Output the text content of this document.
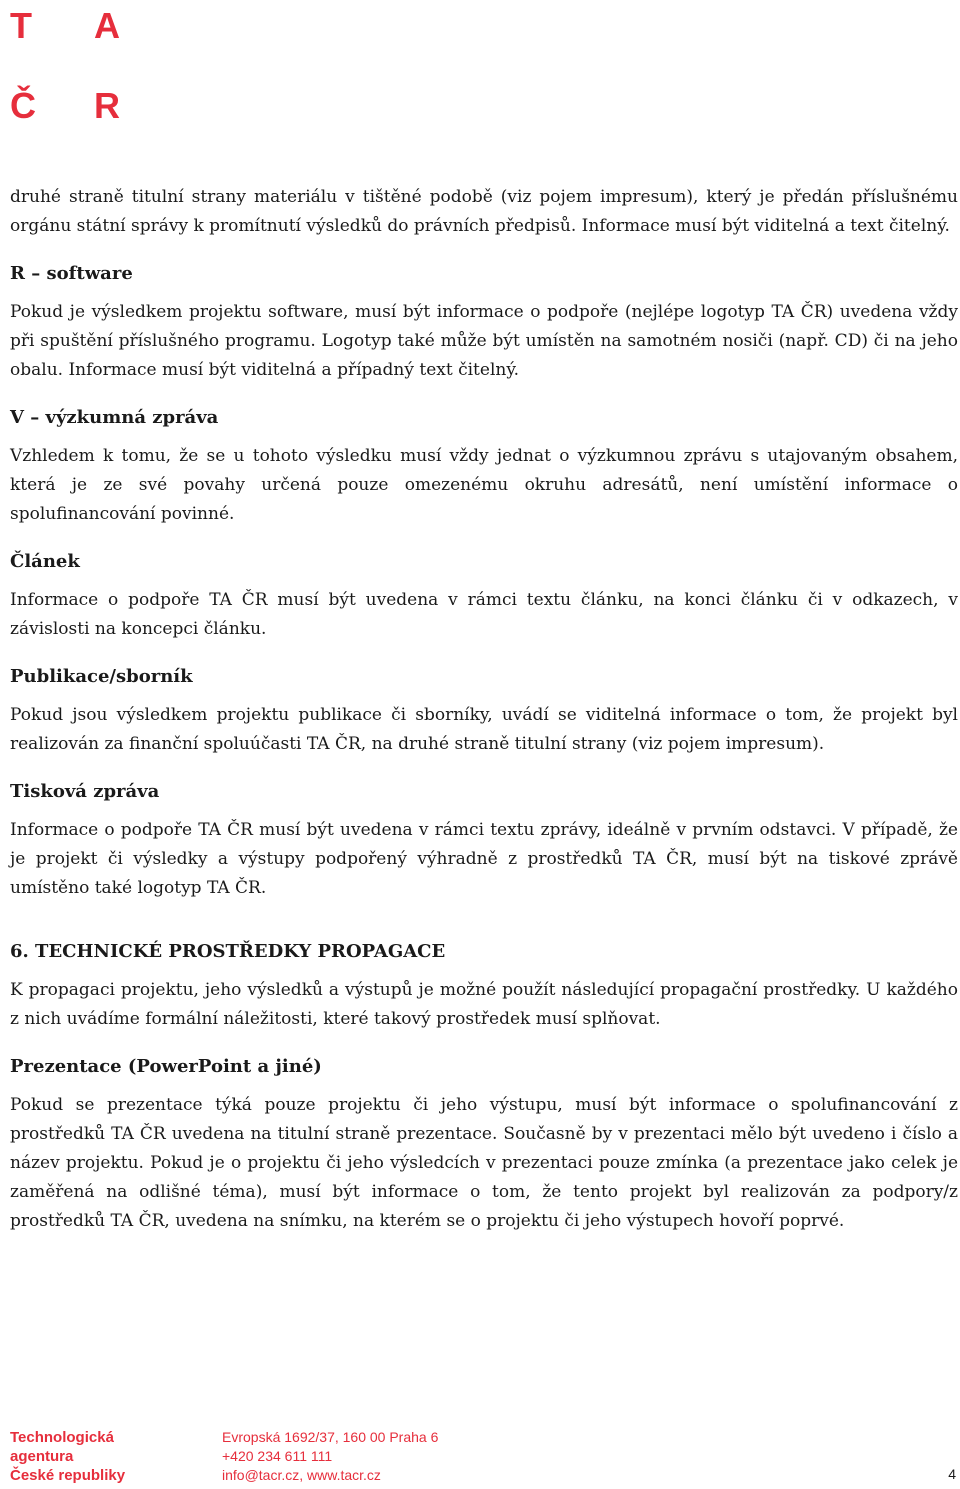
T A
Č R

druhé straně titulní strany materiálu v tištěné podobě (viz pojem impresum), který je předán příslušnému orgánu státní správy k promítnutí výsledků do právních předpisů. Informace musí být viditelná a text čitelný.

R – software

Pokud je výsledkem projektu software, musí být informace o podpoře (nejlépe logotyp TA ČR) uvedena vždy při spuštění příslušného programu. Logotyp také může být umístěn na samotném nosiči (např. CD) či na jeho obalu. Informace musí být viditelná a případný text čitelný.

V – výzkumná zpráva

Vzhledem k tomu, že se u tohoto výsledku musí vždy jednat o výzkumnou zprávu s utajovaným obsahem, která je ze své povahy určená pouze omezenému okruhu adresátů, není umístění informace o spolufinancování povinné.

Článek

Informace o podpoře TA ČR musí být uvedena v rámci textu článku, na konci článku či v odkazech, v závislosti na koncepci článku.

Publikace/sborník

Pokud jsou výsledkem projektu publikace či sborníky, uvádí se viditelná informace o tom, že projekt byl realizován za finanční spoluúčasti TA ČR, na druhé straně titulní strany (viz pojem impresum).

Tisková zpráva

Informace o podpoře TA ČR musí být uvedena v rámci textu zprávy, ideálně v prvním odstavci. V případě, že je projekt či výsledky a výstupy podpořený výhradně z prostředků TA ČR, musí být na tiskové zprávě umístěno také logotyp TA ČR.

6. TECHNICKÉ PROSTŘEDKY PROPAGACE

K propagaci projektu, jeho výsledků a výstupů je možné použít následující propagační prostředky. U každého z nich uvádíme formální náležitosti, které takový prostředek musí splňovat.

Prezentace (PowerPoint a jiné)

Pokud se prezentace týká pouze projektu či jeho výstupu, musí být informace o spolufinancování z prostředků TA ČR uvedena na titulní straně prezentace. Současně by v prezentaci mělo být uvedeno i číslo a název projektu. Pokud je o projektu či jeho výsledcích v prezentaci pouze zmínka (a prezentace jako celek je zaměřená na odlišné téma), musí být informace o tom, že tento projekt byl realizován za podpory/z prostředků TA ČR, uvedena na snímku, na kterém se o projektu či jeho výstupech hovoří poprvé.

Technologická
agentura
České republiky
Evropská 1692/37, 160 00 Praha 6
+420 234 611 111
info@tacr.cz, www.tacr.cz	4
